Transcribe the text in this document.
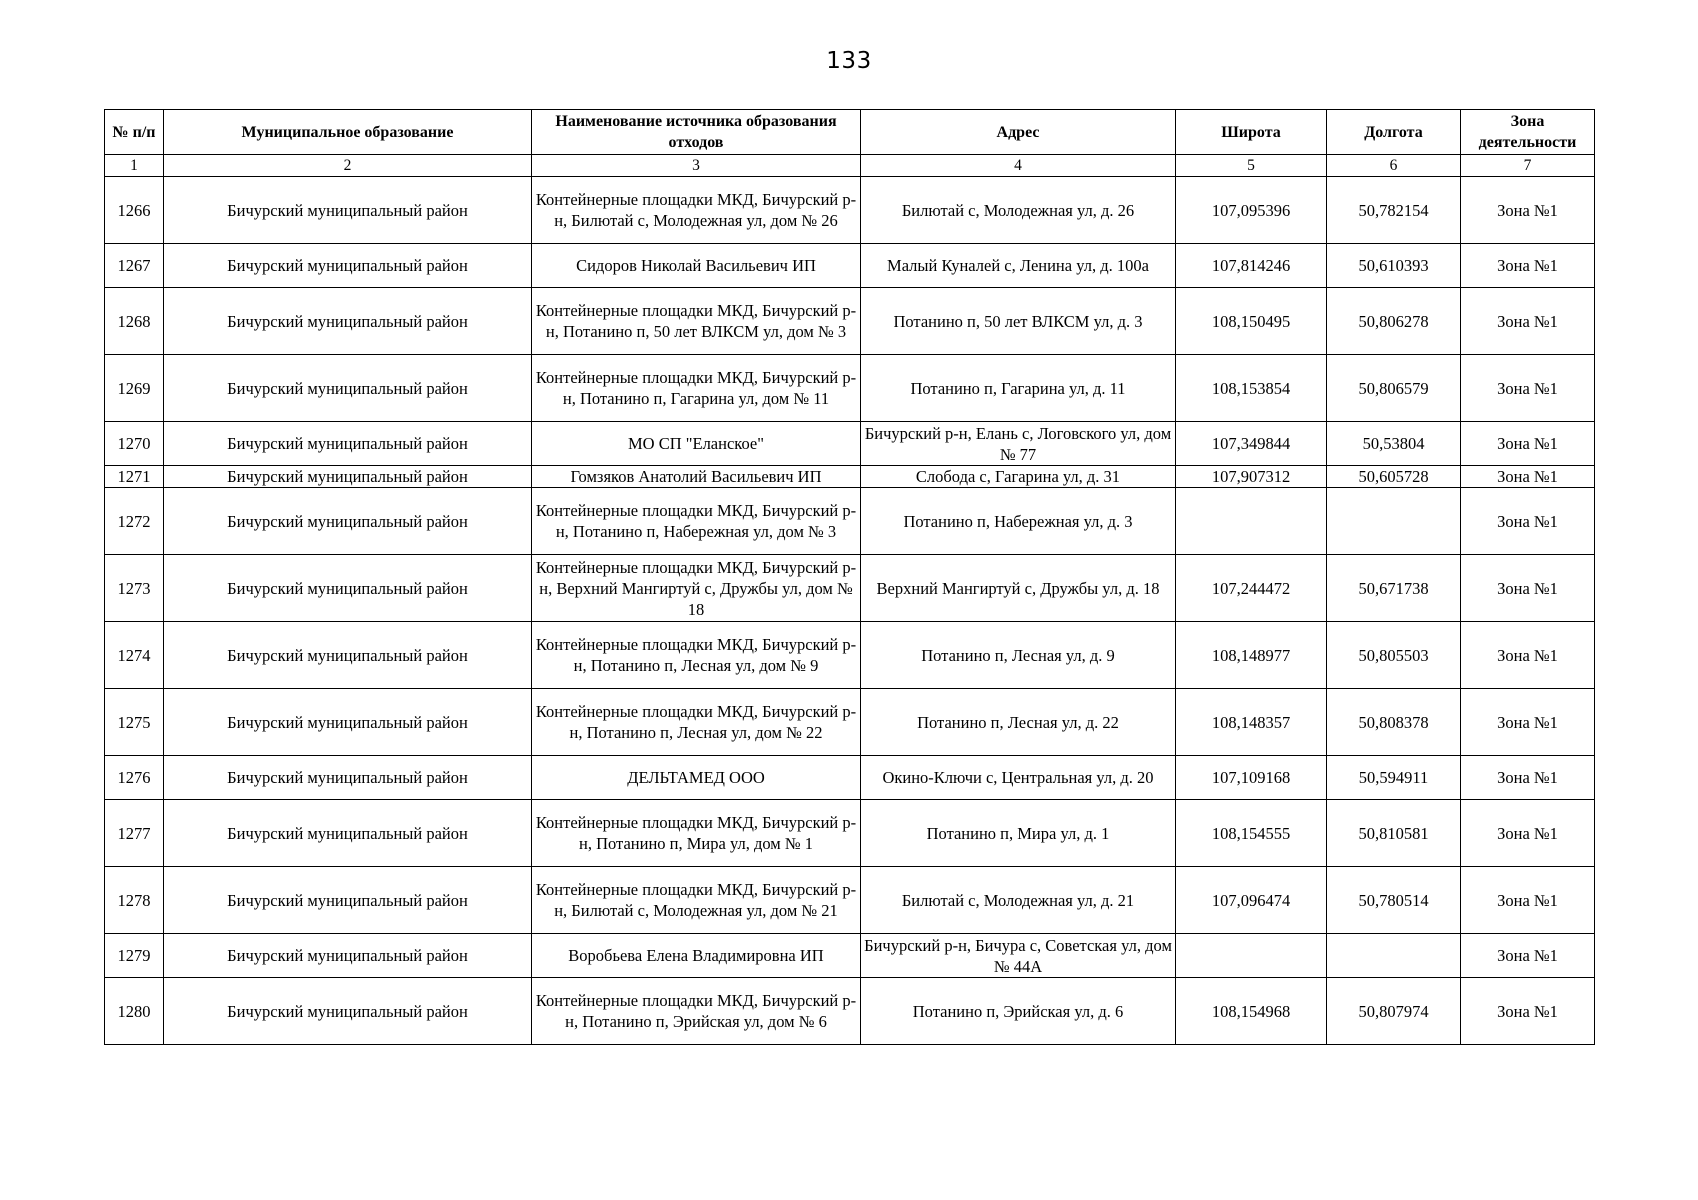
133
№ п/п	Муниципальное образование	Наименование источника образования отходов	Адрес	Широта	Долгота	Зона деятельности
1	2	3	4	5	6	7
1266	Бичурский муниципальный район	Контейнерные площадки МКД, Бичурский р-н, Билютай с, Молодежная ул, дом № 26	Билютай с, Молодежная ул, д. 26	107,095396	50,782154	Зона №1
1267	Бичурский муниципальный район	Сидоров Николай Васильевич ИП	Малый Куналей с, Ленина ул, д. 100а	107,814246	50,610393	Зона №1
1268	Бичурский муниципальный район	Контейнерные площадки МКД, Бичурский р-н, Потанино п, 50 лет ВЛКСМ ул, дом № 3	Потанино п, 50 лет ВЛКСМ ул, д. 3	108,150495	50,806278	Зона №1
1269	Бичурский муниципальный район	Контейнерные площадки МКД, Бичурский р-н, Потанино п, Гагарина ул, дом № 11	Потанино п, Гагарина ул, д. 11	108,153854	50,806579	Зона №1
1270	Бичурский муниципальный район	МО СП "Еланское"	Бичурский р-н, Елань с, Логовского ул, дом № 77	107,349844	50,53804	Зона №1
1271	Бичурский муниципальный район	Гомзяков Анатолий Васильевич ИП	Слобода с, Гагарина ул, д. 31	107,907312	50,605728	Зона №1
1272	Бичурский муниципальный район	Контейнерные площадки МКД, Бичурский р-н, Потанино п, Набережная ул, дом № 3	Потанино п, Набережная ул, д. 3			Зона №1
1273	Бичурский муниципальный район	Контейнерные площадки МКД, Бичурский р-н, Верхний Мангиртуй с, Дружбы ул, дом № 18	Верхний Мангиртуй с, Дружбы ул, д. 18	107,244472	50,671738	Зона №1
1274	Бичурский муниципальный район	Контейнерные площадки МКД, Бичурский р-н, Потанино п, Лесная ул, дом № 9	Потанино п, Лесная ул, д. 9	108,148977	50,805503	Зона №1
1275	Бичурский муниципальный район	Контейнерные площадки МКД, Бичурский р-н, Потанино п, Лесная ул, дом № 22	Потанино п, Лесная ул, д. 22	108,148357	50,808378	Зона №1
1276	Бичурский муниципальный район	ДЕЛЬТАМЕД ООО	Окино-Ключи с, Центральная ул, д. 20	107,109168	50,594911	Зона №1
1277	Бичурский муниципальный район	Контейнерные площадки МКД, Бичурский р-н, Потанино п, Мира ул, дом № 1	Потанино п, Мира ул, д. 1	108,154555	50,810581	Зона №1
1278	Бичурский муниципальный район	Контейнерные площадки МКД, Бичурский р-н, Билютай с, Молодежная ул, дом № 21	Билютай с, Молодежная ул, д. 21	107,096474	50,780514	Зона №1
1279	Бичурский муниципальный район	Воробьева Елена Владимировна ИП	Бичурский р-н, Бичура с, Советская ул, дом № 44А			Зона №1
1280	Бичурский муниципальный район	Контейнерные площадки МКД, Бичурский р-н, Потанино п, Эрийская ул, дом № 6	Потанино п, Эрийская ул, д. 6	108,154968	50,807974	Зона №1
